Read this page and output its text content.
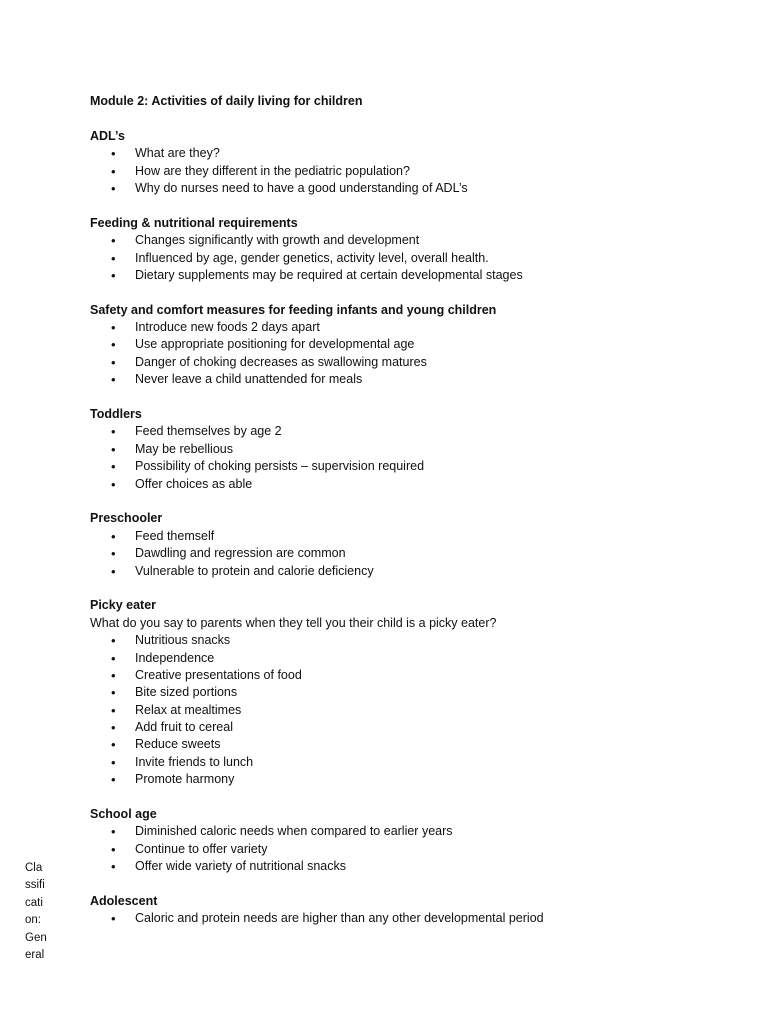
Module 2: Activities of daily living for children
ADL’s
• What are they?
• How are they different in the pediatric population?
• Why do nurses need to have a good understanding of ADL’s
Feeding & nutritional requirements
• Changes significantly with growth and development
• Influenced by age, gender genetics, activity level, overall health.
• Dietary supplements may be required at certain developmental stages
Safety and comfort measures for feeding infants and young children
• Introduce new foods 2 days apart
• Use appropriate positioning for developmental age
• Danger of choking decreases as swallowing matures
• Never leave a child unattended for meals
Toddlers
• Feed themselves by age 2
• May be rebellious
• Possibility of choking persists – supervision required
• Offer choices as able
Preschooler
• Feed themself
• Dawdling and regression are common
• Vulnerable to protein and calorie deficiency
Picky eater
What do you say to parents when they tell you their child is a picky eater?
• Nutritious snacks
• Independence
• Creative presentations of food
• Bite sized portions
• Relax at mealtimes
• Add fruit to cereal
• Reduce sweets
• Invite friends to lunch
• Promote harmony
School age
• Diminished caloric needs when compared to earlier years
• Continue to offer variety
• Offer wide variety of nutritional snacks
Adolescent
• Caloric and protein needs are higher than any other developmental period
Classification: General
